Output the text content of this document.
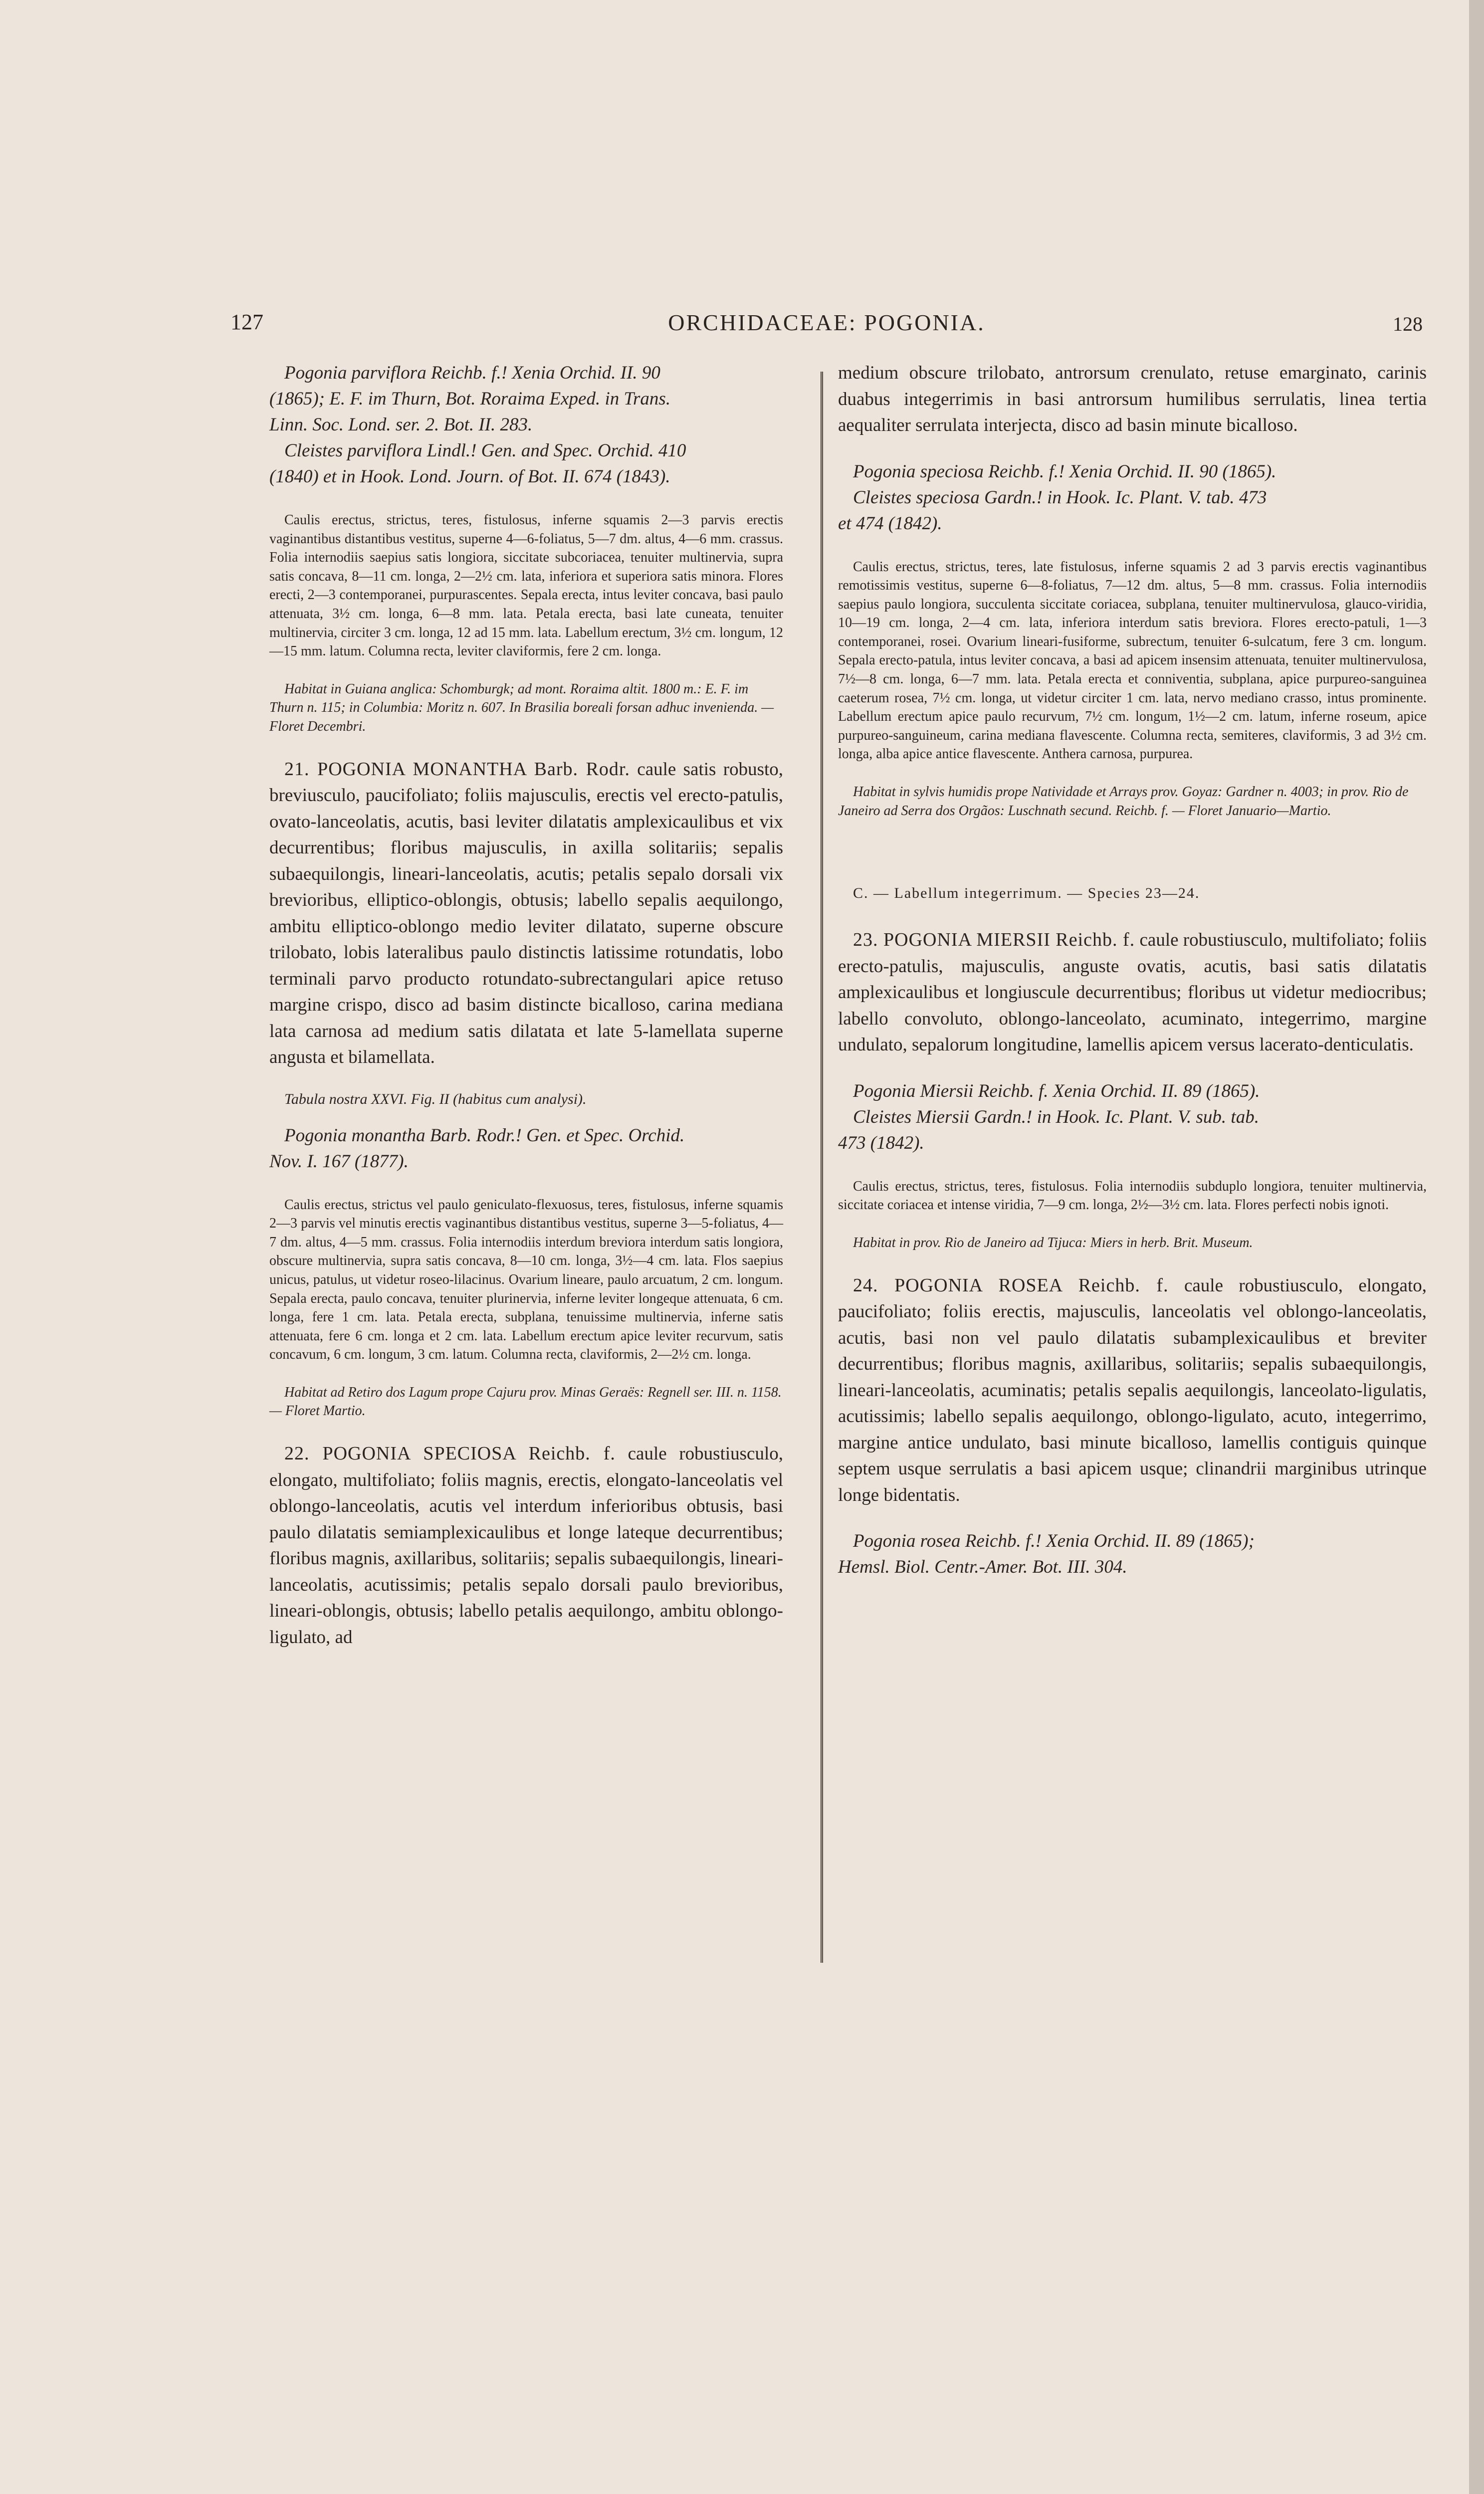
127	ORCHIDACEAE: POGONIA.	128

Pogonia parviflora Reichb. f.! Xenia Orchid. II. 90
(1865); E. F. im Thurn, Bot. Roraima Exped. in Trans.
Linn. Soc. Lond. ser. 2. Bot. II. 283.
Cleistes parviflora Lindl.! Gen. and Spec. Orchid. 410
(1840) et in Hook. Lond. Journ. of Bot. II. 674 (1843).

Caulis erectus, strictus, teres, fistulosus, inferne squamis 2—3 parvis erectis vaginantibus distantibus vestitus, superne 4—6-foliatus, 5—7 dm. altus, 4—6 mm. crassus. Folia internodiis saepius satis longiora, siccitate subcoriacea, tenuiter multinervia, supra satis concava, 8—11 cm. longa, 2—2½ cm. lata, inferiora et superiora satis minora. Flores erecti, 2—3 contemporanei, purpurascentes. Sepala erecta, intus leviter concava, basi paulo attenuata, 3½ cm. longa, 6—8 mm. lata. Petala erecta, basi late cuneata, tenuiter multinervia, circiter 3 cm. longa, 12 ad 15 mm. lata. Labellum erectum, 3½ cm. longum, 12—15 mm. latum. Columna recta, leviter claviformis, fere 2 cm. longa.

Habitat in Guiana anglica: Schomburgk; ad mont. Roraima altit. 1800 m.: E. F. im Thurn n. 115; in Columbia: Moritz n. 607. In Brasilia boreali forsan adhuc invenienda. — Floret Decembri.

21. POGONIA MONANTHA Barb. Rodr. caule satis robusto, breviusculo, paucifoliato; foliis majusculis, erectis vel erecto-patulis, ovato-lanceolatis, acutis, basi leviter dilatatis amplexicaulibus et vix decurrentibus; floribus majusculis, in axilla solitariis; sepalis subaequilongis, lineari-lanceolatis, acutis; petalis sepalo dorsali vix brevioribus, elliptico-oblongis, obtusis; labello sepalis aequilongo, ambitu elliptico-oblongo medio leviter dilatato, superne obscure trilobato, lobis lateralibus paulo distinctis latissime rotundatis, lobo terminali parvo producto rotundato-subrectangulari apice retuso margine crispo, disco ad basim distincte bicalloso, carina mediana lata carnosa ad medium satis dilatata et late 5-lamellata superne angusta et bilamellata.

Tabula nostra XXVI. Fig. II (habitus cum analysi).

Pogonia monantha Barb. Rodr.! Gen. et Spec. Orchid.
Nov. I. 167 (1877).

Caulis erectus, strictus vel paulo geniculato-flexuosus, teres, fistulosus, inferne squamis 2—3 parvis vel minutis erectis vaginantibus distantibus vestitus, superne 3—5-foliatus, 4—7 dm. altus, 4—5 mm. crassus. Folia internodiis interdum breviora interdum satis longiora, obscure multinervia, supra satis concava, 8—10 cm. longa, 3½—4 cm. lata. Flos saepius unicus, patulus, ut videtur roseo-lilacinus. Ovarium lineare, paulo arcuatum, 2 cm. longum. Sepala erecta, paulo concava, tenuiter plurinervia, inferne leviter longeque attenuata, 6 cm. longa, fere 1 cm. lata. Petala erecta, subplana, tenuissime multinervia, inferne satis attenuata, fere 6 cm. longa et 2 cm. lata. Labellum erectum apice leviter recurvum, satis concavum, 6 cm. longum, 3 cm. latum. Columna recta, claviformis, 2—2½ cm. longa.

Habitat ad Retiro dos Lagum prope Cajuru prov. Minas Geraës: Regnell ser. III. n. 1158. — Floret Martio.

22. POGONIA SPECIOSA Reichb. f. caule robustiusculo, elongato, multifoliato; foliis magnis, erectis, elongato-lanceolatis vel oblongo-lanceolatis, acutis vel interdum inferioribus obtusis, basi paulo dilatatis semiamplexicaulibus et longe lateque decurrentibus; floribus magnis, axillaribus, solitariis; sepalis subaequilongis, lineari-lanceolatis, acutissimis; petalis sepalo dorsali paulo brevioribus, lineari-oblongis, obtusis; labello petalis aequilongo, ambitu oblongo-ligulato, ad

medium obscure trilobato, antrorsum crenulato, retuse emarginato, carinis duabus integerrimis in basi antrorsum humilibus serrulatis, linea tertia aequaliter serrulata interjecta, disco ad basin minute bicalloso.

Pogonia speciosa Reichb. f.! Xenia Orchid. II. 90 (1865).
Cleistes speciosa Gardn.! in Hook. Ic. Plant. V. tab. 473
et 474 (1842).

Caulis erectus, strictus, teres, late fistulosus, inferne squamis 2 ad 3 parvis erectis vaginantibus remotissimis vestitus, superne 6—8-foliatus, 7—12 dm. altus, 5—8 mm. crassus. Folia internodiis saepius paulo longiora, succulenta siccitate coriacea, subplana, tenuiter multinervulosa, glauco-viridia, 10—19 cm. longa, 2—4 cm. lata, inferiora interdum satis breviora. Flores erecto-patuli, 1—3 contemporanei, rosei. Ovarium lineari-fusiforme, subrectum, tenuiter 6-sulcatum, fere 3 cm. longum. Sepala erecto-patula, intus leviter concava, a basi ad apicem insensim attenuata, tenuiter multinervulosa, 7½—8 cm. longa, 6—7 mm. lata. Petala erecta et conniventia, subplana, apice purpureo-sanguinea caeterum rosea, 7½ cm. longa, ut videtur circiter 1 cm. lata, nervo mediano crasso, intus prominente. Labellum erectum apice paulo recurvum, 7½ cm. longum, 1½—2 cm. latum, inferne roseum, apice purpureo-sanguineum, carina mediana flavescente. Columna recta, semiteres, claviformis, 3 ad 3½ cm. longa, alba apice antice flavescente. Anthera carnosa, purpurea.

Habitat in sylvis humidis prope Natividade et Arrays prov. Goyaz: Gardner n. 4003; in prov. Rio de Janeiro ad Serra dos Orgãos: Luschnath secund. Reichb. f. — Floret Januario—Martio.

C. — Labellum integerrimum. — Species 23—24.

23. POGONIA MIERSII Reichb. f. caule robustiusculo, multifoliato; foliis erecto-patulis, majusculis, anguste ovatis, acutis, basi satis dilatatis amplexicaulibus et longiuscule decurrentibus; floribus ut videtur mediocribus; labello convoluto, oblongo-lanceolato, acuminato, integerrimo, margine undulato, sepalorum longitudine, lamellis apicem versus lacerato-denticulatis.

Pogonia Miersii Reichb. f. Xenia Orchid. II. 89 (1865).
Cleistes Miersii Gardn.! in Hook. Ic. Plant. V. sub. tab.
473 (1842).

Caulis erectus, strictus, teres, fistulosus. Folia internodiis subduplo longiora, tenuiter multinervia, siccitate coriacea et intense viridia, 7—9 cm. longa, 2½—3½ cm. lata. Flores perfecti nobis ignoti.

Habitat in prov. Rio de Janeiro ad Tijuca: Miers in herb. Brit. Museum.

24. POGONIA ROSEA Reichb. f. caule robustiusculo, elongato, paucifoliato; foliis erectis, majusculis, lanceolatis vel oblongo-lanceolatis, acutis, basi non vel paulo dilatatis subamplexicaulibus et breviter decurrentibus; floribus magnis, axillaribus, solitariis; sepalis subaequilongis, lineari-lanceolatis, acuminatis; petalis sepalis aequilongis, lanceolato-ligulatis, acutissimis; labello sepalis aequilongo, oblongo-ligulato, acuto, integerrimo, margine antice undulato, basi minute bicalloso, lamellis contiguis quinque septem usque serrulatis a basi apicem usque; clinandrii marginibus utrinque longe bidentatis.

Pogonia rosea Reichb. f.! Xenia Orchid. II. 89 (1865);
Hemsl. Biol. Centr.-Amer. Bot. III. 304.
